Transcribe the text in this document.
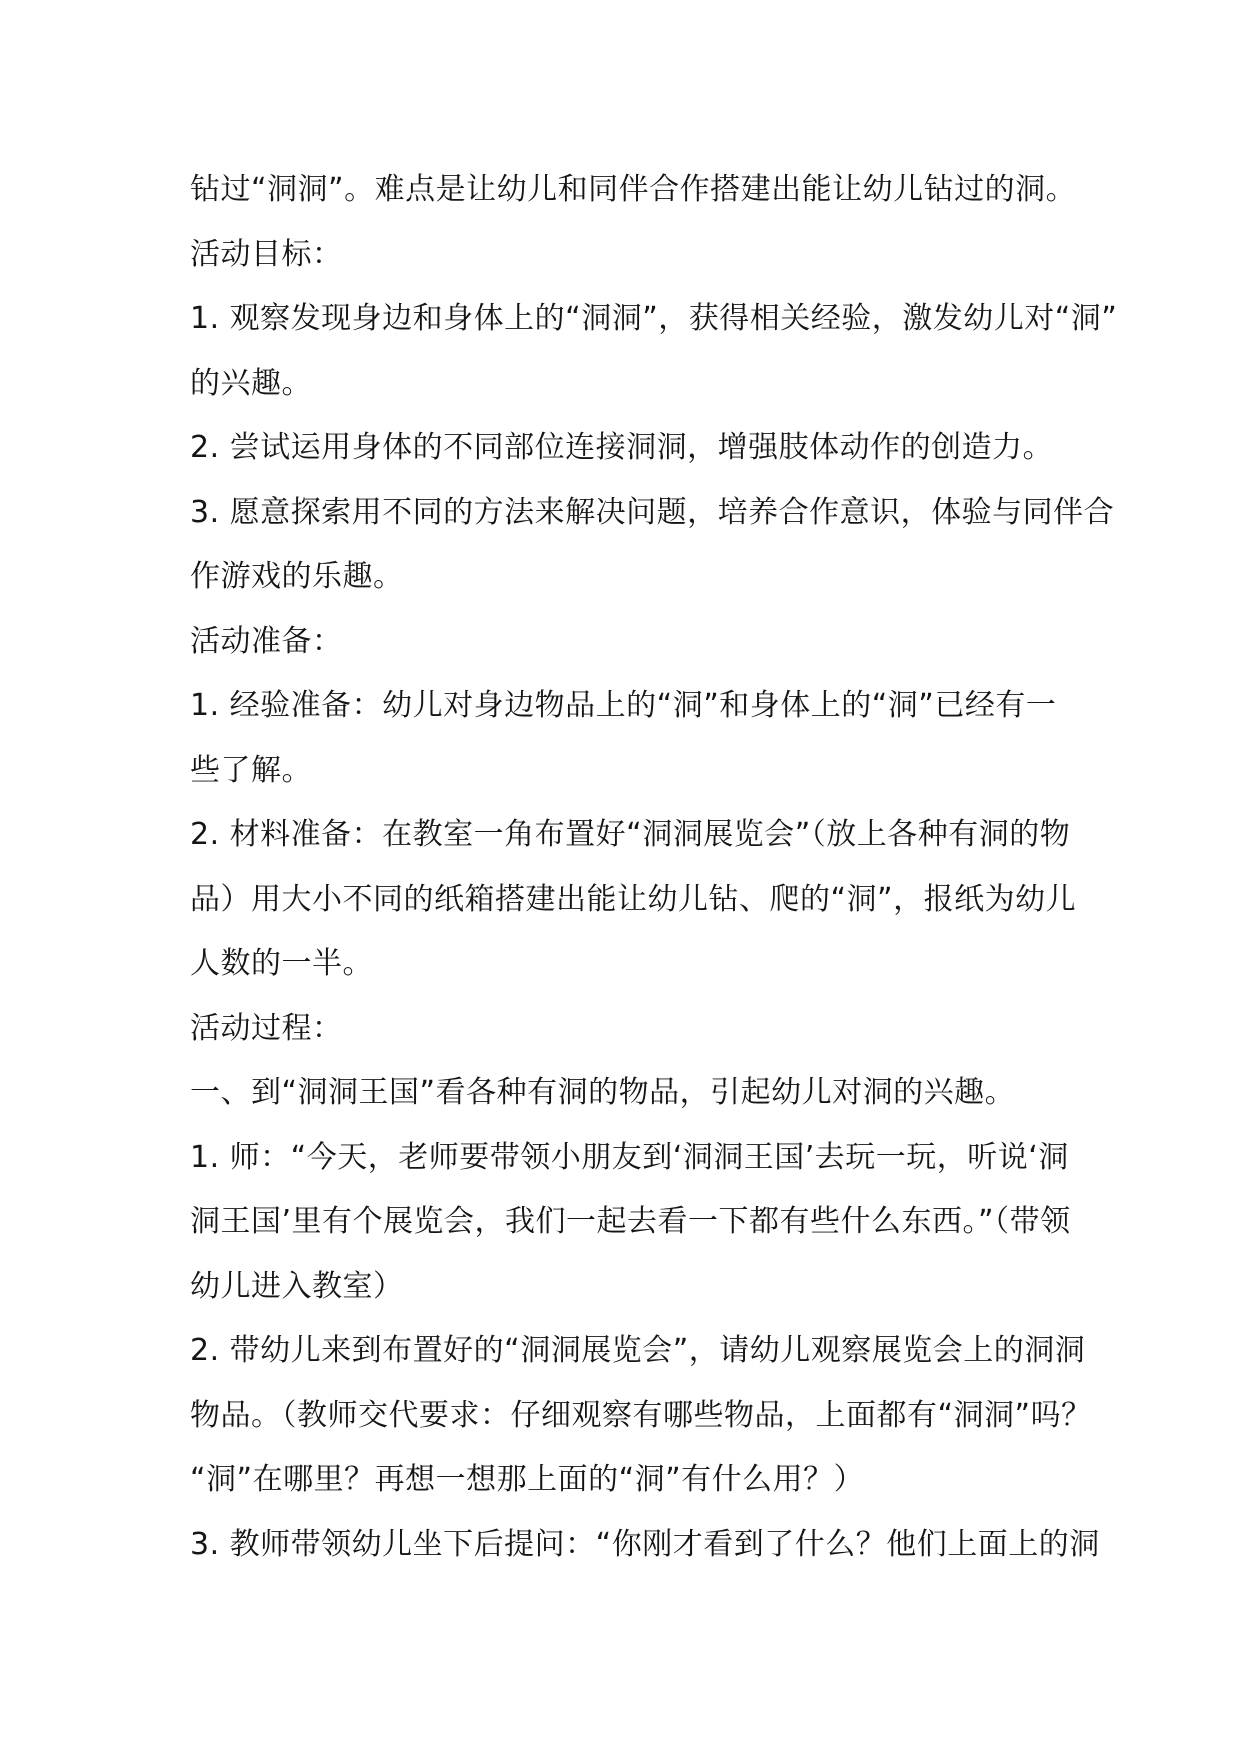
钻过“洞洞”。难点是让幼儿和同伴合作搭建出能让幼儿钻过的洞。
活动目标：
1. 观察发现身边和身体上的“洞洞”，获得相关经验，激发幼儿对“洞”
的兴趣。
2. 尝试运用身体的不同部位连接洞洞，增强肢体动作的创造力。
3. 愿意探索用不同的方法来解决问题，培养合作意识，体验与同伴合
作游戏的乐趣。
活动准备：
1. 经验准备：幼儿对身边物品上的“洞”和身体上的“洞”已经有一
些了解。
2. 材料准备：在教室一角布置好“洞洞展览会”（放上各种有洞的物
品）用大小不同的纸箱搭建出能让幼儿钻、爬的“洞”，报纸为幼儿
人数的一半。
活动过程：
一、到“洞洞王国”看各种有洞的物品，引起幼儿对洞的兴趣。
1. 师：“今天，老师要带领小朋友到‘洞洞王国’去玩一玩，听说‘洞
洞王国’里有个展览会，我们一起去看一下都有些什么东西。”（带领
幼儿进入教室）
2. 带幼儿来到布置好的“洞洞展览会”，请幼儿观察展览会上的洞洞
物品。（教师交代要求：仔细观察有哪些物品，上面都有“洞洞”吗？
“洞”在哪里？再想一想那上面的“洞”有什么用？）
3. 教师带领幼儿坐下后提问：“你刚才看到了什么？他们上面上的洞
